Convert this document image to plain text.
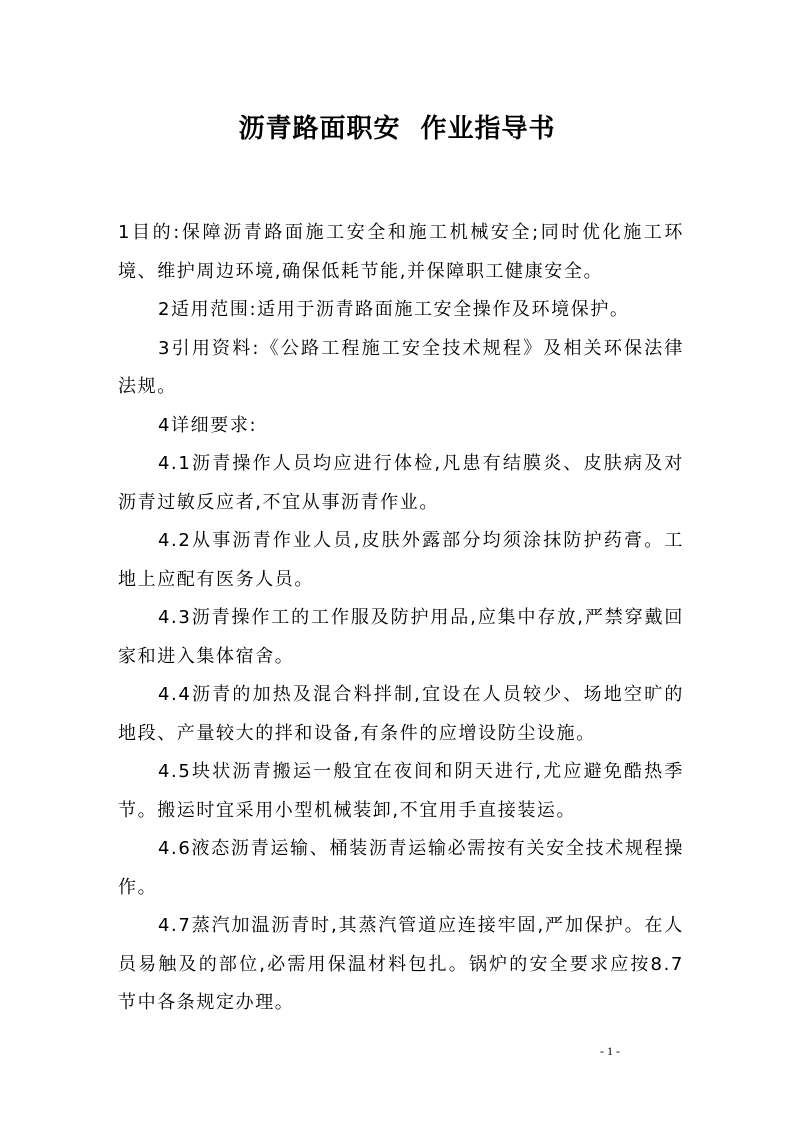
沥青路面职安  作业指导书

1目的:保障沥青路面施工安全和施工机械安全;同时优化施工环境、维护周边环境,确保低耗节能,并保障职工健康安全。

2适用范围:适用于沥青路面施工安全操作及环境保护。

3引用资料:《公路工程施工安全技术规程》及相关环保法律法规。

4详细要求:

4.1沥青操作人员均应进行体检,凡患有结膜炎、皮肤病及对沥青过敏反应者,不宜从事沥青作业。

4.2从事沥青作业人员,皮肤外露部分均须涂抹防护药膏。工地上应配有医务人员。

4.3沥青操作工的工作服及防护用品,应集中存放,严禁穿戴回家和进入集体宿舍。

4.4沥青的加热及混合料拌制,宜设在人员较少、场地空旷的地段、产量较大的拌和设备,有条件的应增设防尘设施。

4.5块状沥青搬运一般宜在夜间和阴天进行,尤应避免酷热季节。搬运时宜采用小型机械装卸,不宜用手直接装运。

4.6液态沥青运输、桶装沥青运输必需按有关安全技术规程操作。

4.7蒸汽加温沥青时,其蒸汽管道应连接牢固,严加保护。在人员易触及的部位,必需用保温材料包扎。锅炉的安全要求应按8.7节中各条规定办理。

- 1 -
